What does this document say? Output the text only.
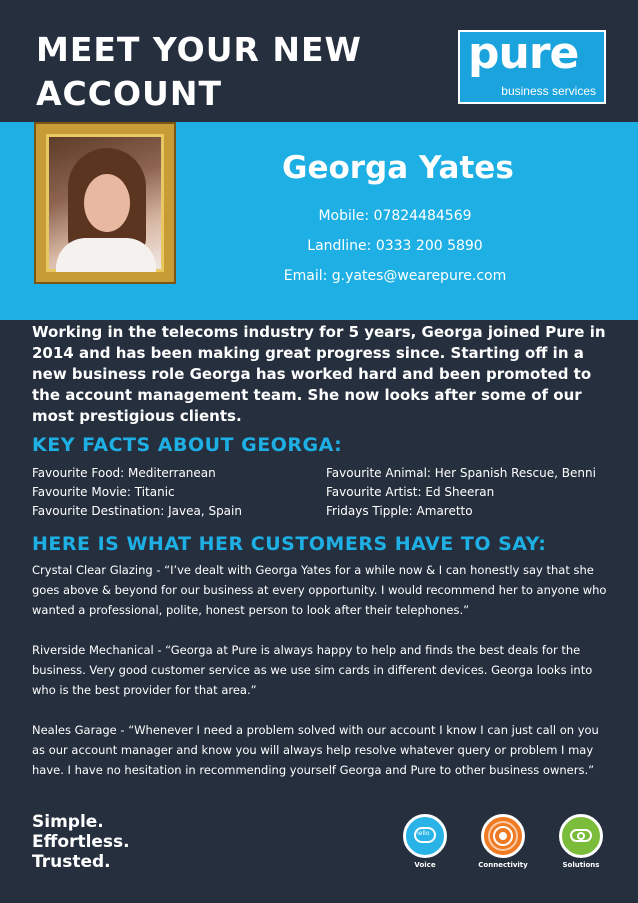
MEET YOUR NEW
ACCOUNT
pure
business services
Georga Yates
Mobile: 07824484569
Landline: 0333 200 5890
Email: g.yates@wearepure.com

Working in the telecoms industry for 5 years, Georga joined Pure in 2014 and has been making great progress since. Starting off in a new business role Georga has worked hard and been promoted to the account management team. She now looks after some of our most prestigious clients.

KEY FACTS ABOUT GEORGA:
Favourite Food: Mediterranean
Favourite Movie: Titanic
Favourite Destination: Javea, Spain
Favourite Animal: Her Spanish Rescue, Benni
Favourite Artist: Ed Sheeran
Fridays Tipple: Amaretto
HERE IS WHAT HER CUSTOMERS HAVE TO SAY:

Crystal Clear Glazing - “I’ve dealt with Georga Yates for a while now & I can honestly say that she goes above & beyond for our business at every opportunity. I would recommend her to anyone who wanted a professional, polite, honest person to look after their telephones.”

Riverside Mechanical - “Georga at Pure is always happy to help and finds the best deals for the business. Very good customer service as we use sim cards in different devices. Georga looks into who is the best provider for that area.”

Neales Garage - “Whenever I need a problem solved with our account I know I can just call on you as our account manager and know you will always help resolve whatever query or problem I may have. I have no hesitation in recommending yourself Georga and Pure to other business owners.”

Simple.
Effortless.
Trusted.
hello
Voice	Connectivity	Solutions
